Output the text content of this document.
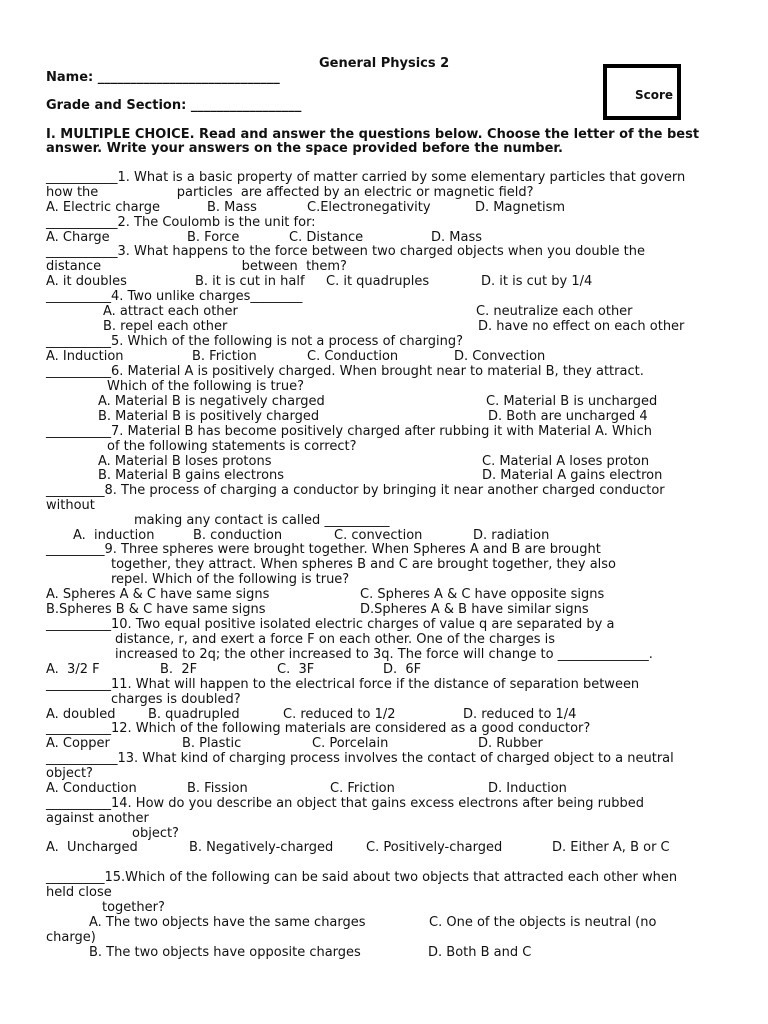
General Physics 2
Name: ____________________________
Grade and Section: _________________
Score
I. MULTIPLE CHOICE. Read and answer the questions below. Choose the letter of the best
answer. Write your answers on the space provided before the number.
___________1. What is a basic property of matter carried by some elementary particles that govern
how the                   particles  are affected by an electric or magnetic field?
A. Electric charge	B. Mass	C.Electronegativity	D. Magnetism
___________2. The Coulomb is the unit for:
A. Charge	B. Force	C. Distance	D. Mass
___________3. What happens to the force between two charged objects when you double the
distance                                  between  them?
A. it doubles	B. it is cut in half C. it quadruples	D. it is cut by 1/4
__________4. Two unlike charges________
A. attract each other	C. neutralize each other
B. repel each other	D. have no effect on each other
__________5. Which of the following is not a process of charging?
A. Induction	B. Friction	C. Conduction	D. Convection
__________6. Material A is positively charged. When brought near to material B, they attract.
Which of the following is true?
A. Material B is negatively charged	C. Material B is uncharged
B. Material B is positively charged	D. Both are uncharged 4
__________7. Material B has become positively charged after rubbing it with Material A. Which
of the following statements is correct?
A. Material B loses protons	C. Material A loses proton
B. Material B gains electrons	D. Material A gains electron
_________8. The process of charging a conductor by bringing it near another charged conductor
without
making any contact is called __________
A.  induction	B. conduction	C. convection	D. radiation
_________9. Three spheres were brought together. When Spheres A and B are brought
together, they attract. When spheres B and C are brought together, they also
repel. Which of the following is true?
A. Spheres A & C have same signs	C. Spheres A & C have opposite signs
B.Spheres B & C have same signs	D.Spheres A & B have similar signs
__________10. Two equal positive isolated electric charges of value q are separated by a
distance, r, and exert a force F on each other. One of the charges is
increased to 2q; the other increased to 3q. The force will change to ______________.
A.  3/2 F	B.  2F	C.  3F	D.  6F
__________11. What will happen to the electrical force if the distance of separation between
charges is doubled?
A. doubled	B. quadrupled	C. reduced to 1/2	D. reduced to 1/4
__________12. Which of the following materials are considered as a good conductor?
A. Copper	B. Plastic	C. Porcelain	D. Rubber
___________13. What kind of charging process involves the contact of charged object to a neutral
object?
A. Conduction	B. Fission	C. Friction	D. Induction
__________14. How do you describe an object that gains excess electrons after being rubbed
against another
object?
A.  Uncharged	B. Negatively-charged	C. Positively-charged	D. Either A, B or C
_________15.Which of the following can be said about two objects that attracted each other when
held close
together?
A. The two objects have the same charges	C. One of the objects is neutral (no
charge)
B. The two objects have opposite charges	D. Both B and C
